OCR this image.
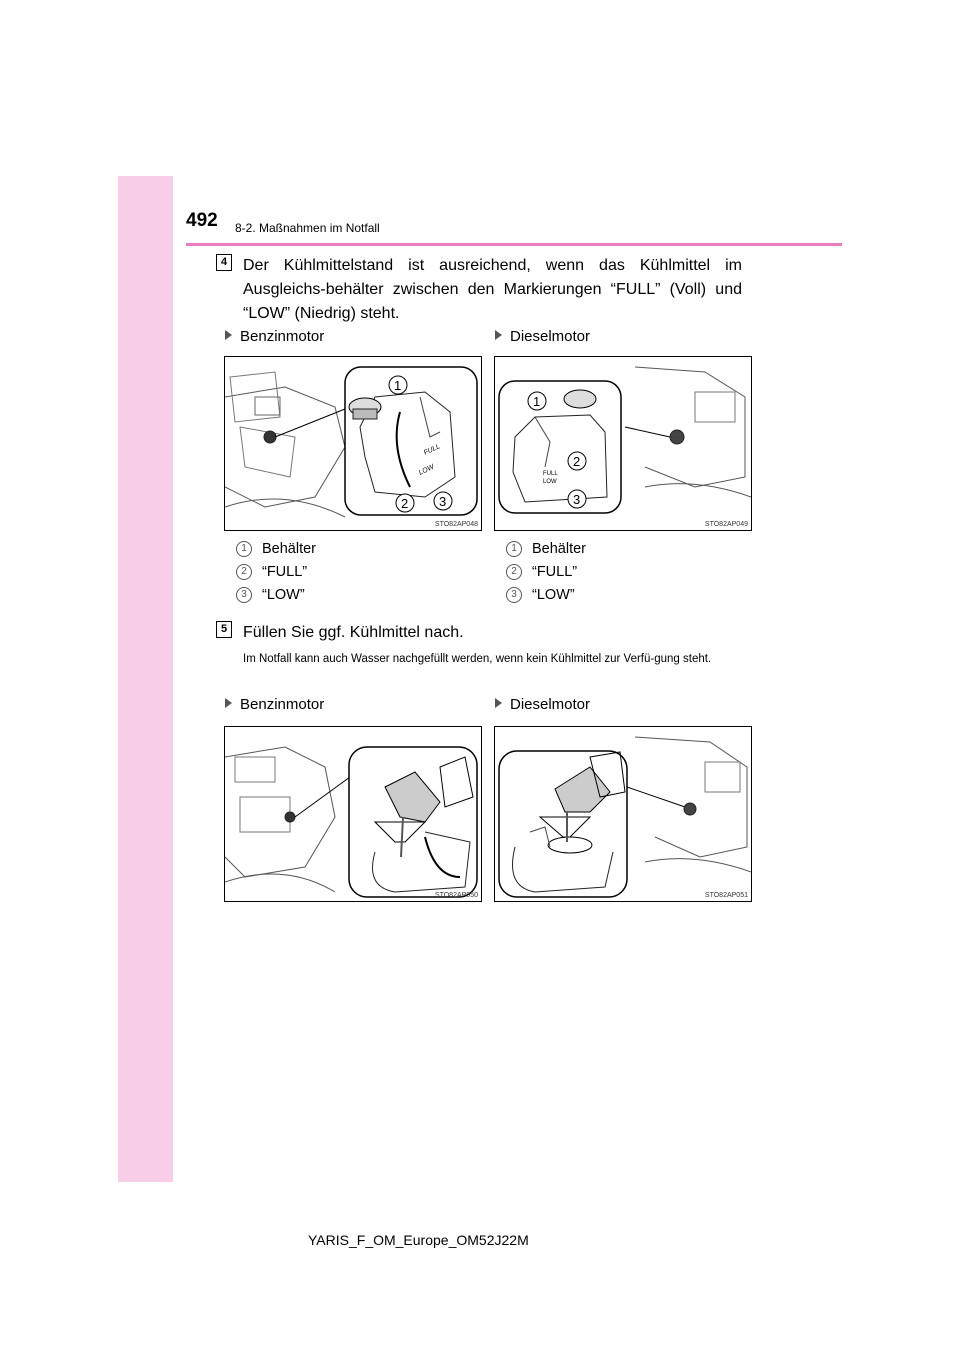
492 8-2. Maßnahmen im Notfall
4 Der Kühlmittelstand ist ausreichend, wenn das Kühlmittel im Ausgleichs-behälter zwischen den Markierungen “FULL” (Voll) und “LOW” (Niedrig) steht.
Benzinmotor	Dieselmotor
FULL
LOW
1
2 3
STO82AP048
FULL
LOW
1
2
3
STO82AP049
1	Behälter
2	“FULL”
3	“LOW”
1	Behälter
2	“FULL”
3	“LOW”
5 Füllen Sie ggf. Kühlmittel nach.
Im Notfall kann auch Wasser nachgefüllt werden, wenn kein Kühlmittel zur Verfü-gung steht.
Benzinmotor	Dieselmotor
STO82AP050	STO82AP051
YARIS_F_OM_Europe_OM52J22M
